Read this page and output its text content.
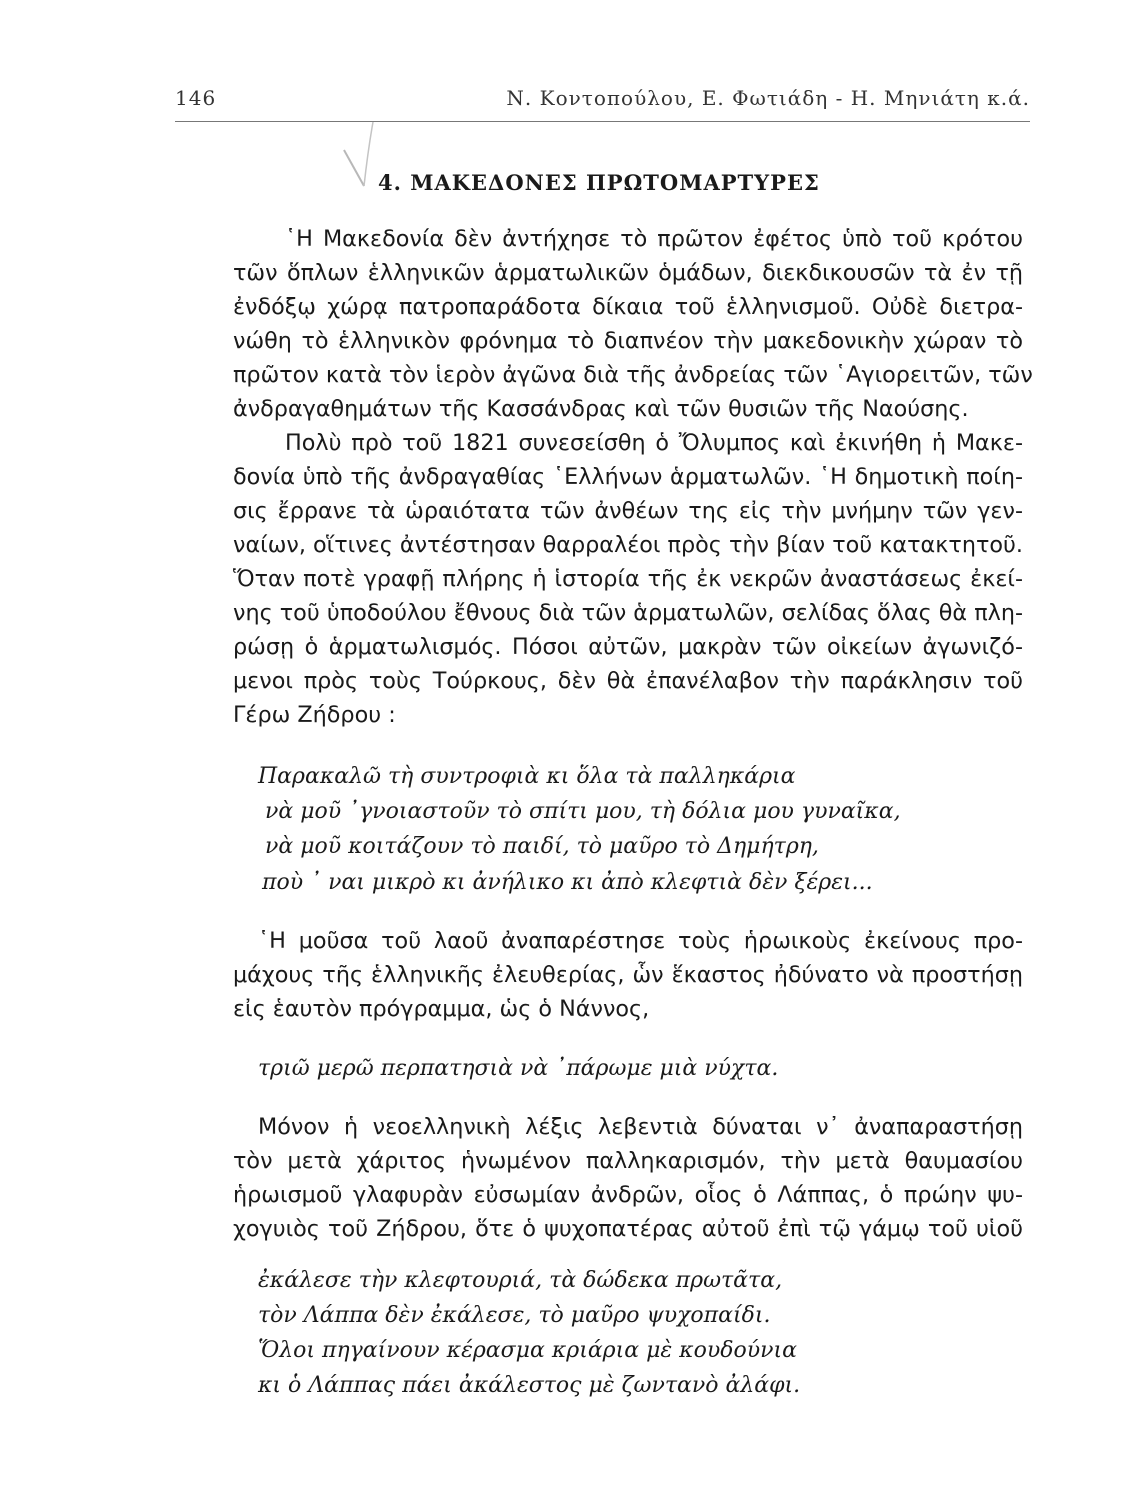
146	Ν. Κοντοπούλου, Ε. Φωτιάδη - Η. Μηνιάτη κ.ά.
4. ΜΑΚΕΔΟΝΕΣ ΠΡΩΤΟΜΑΡΤΥΡΕΣ
῾Η Μακεδονία δὲν ἀντήχησε τὸ πρῶτον ἐφέτος ὑπὸ τοῦ κρότου
τῶν ὅπλων ἑλληνικῶν ἁρματωλικῶν ὁμάδων, διεκδικουσῶν τὰ ἐν τῇ
ἐνδόξῳ χώρᾳ πατροπαράδοτα δίκαια τοῦ ἑλληνισμοῦ. Οὐδὲ διετρα-
νώθη τὸ ἑλληνικὸν φρόνημα τὸ διαπνέον τὴν μακεδονικὴν χώραν τὸ
πρῶτον κατὰ τὸν ἱερὸν ἀγῶνα διὰ τῆς ἀνδρείας τῶν ῾Αγιορειτῶν, τῶν
ἀνδραγαθημάτων τῆς Κασσάνδρας καὶ τῶν θυσιῶν τῆς Ναούσης.
Πολὺ πρὸ τοῦ 1821 συνεσείσθη ὁ Ὄλυμπος καὶ ἐκινήθη ἡ Μακε-
δονία ὑπὸ τῆς ἀνδραγαθίας ῾Ελλήνων ἁρματωλῶν. ῾Η δημοτικὴ ποίη-
σις ἔρρανε τὰ ὡραιότατα τῶν ἀνθέων της εἰς τὴν μνήμην τῶν γεν-
ναίων, οἵτινες ἀντέστησαν θαρραλέοι πρὸς τὴν βίαν τοῦ κατακτητοῦ.
Ὅταν ποτὲ γραφῇ πλήρης ἡ ἱστορία τῆς ἐκ νεκρῶν ἀναστάσεως ἐκεί-
νης τοῦ ὑποδούλου ἔθνους διὰ τῶν ἁρματωλῶν, σελίδας ὅλας θὰ πλη-
ρώσῃ ὁ ἁρματωλισμός. Πόσοι αὐτῶν, μακρὰν τῶν οἰκείων ἀγωνιζό-
μενοι πρὸς τοὺς Τούρκους, δὲν θὰ ἐπανέλαβον τὴν παράκλησιν τοῦ
Γέρω Ζήδρου :
Παρακαλῶ τὴ συντροφιὰ κι ὅλα τὰ παλληκάρια
νὰ μοῦ ᾽γνοιαστοῦν τὸ σπίτι μου, τὴ δόλια μου γυναῖκα,
νὰ μοῦ κοιτάζουν τὸ παιδί, τὸ μαῦρο τὸ Δημήτρη,
ποὺ ᾽ ναι μικρὸ κι ἀνήλικο κι ἀπὸ κλεφτιὰ δὲν ξέρει...
῾Η μοῦσα τοῦ λαοῦ ἀναπαρέστησε τοὺς ἡρωικοὺς ἐκείνους προ-
μάχους τῆς ἑλληνικῆς ἐλευθερίας, ὧν ἕκαστος ἠδύνατο νὰ προστήσῃ
εἰς ἑαυτὸν πρόγραμμα, ὡς ὁ Νάννος,
τριῶ μερῶ περπατησιὰ νὰ ᾽πάρωμε μιὰ νύχτα.
Μόνον ἡ νεοελληνικὴ λέξις λεβεντιὰ δύναται ν᾽ ἀναπαραστήσῃ
τὸν μετὰ χάριτος ἡνωμένον παλληκαρισμόν, τὴν μετὰ θαυμασίου
ἡρωισμοῦ γλαφυρὰν εὐσωμίαν ἀνδρῶν, οἷος ὁ Λάππας, ὁ πρώην ψυ-
χογυιὸς τοῦ Ζήδρου, ὅτε ὁ ψυχοπατέρας αὐτοῦ ἐπὶ τῷ γάμῳ τοῦ υἱοῦ
ἐκάλεσε τὴν κλεφτουριά, τὰ δώδεκα πρωτᾶτα,
τὸν Λάππα δὲν ἐκάλεσε, τὸ μαῦρο ψυχοπαίδι.
Ὅλοι πηγαίνουν κέρασμα κριάρια μὲ κουδούνια
κι ὁ Λάππας πάει ἀκάλεστος μὲ ζωντανὸ ἀλάφι.
